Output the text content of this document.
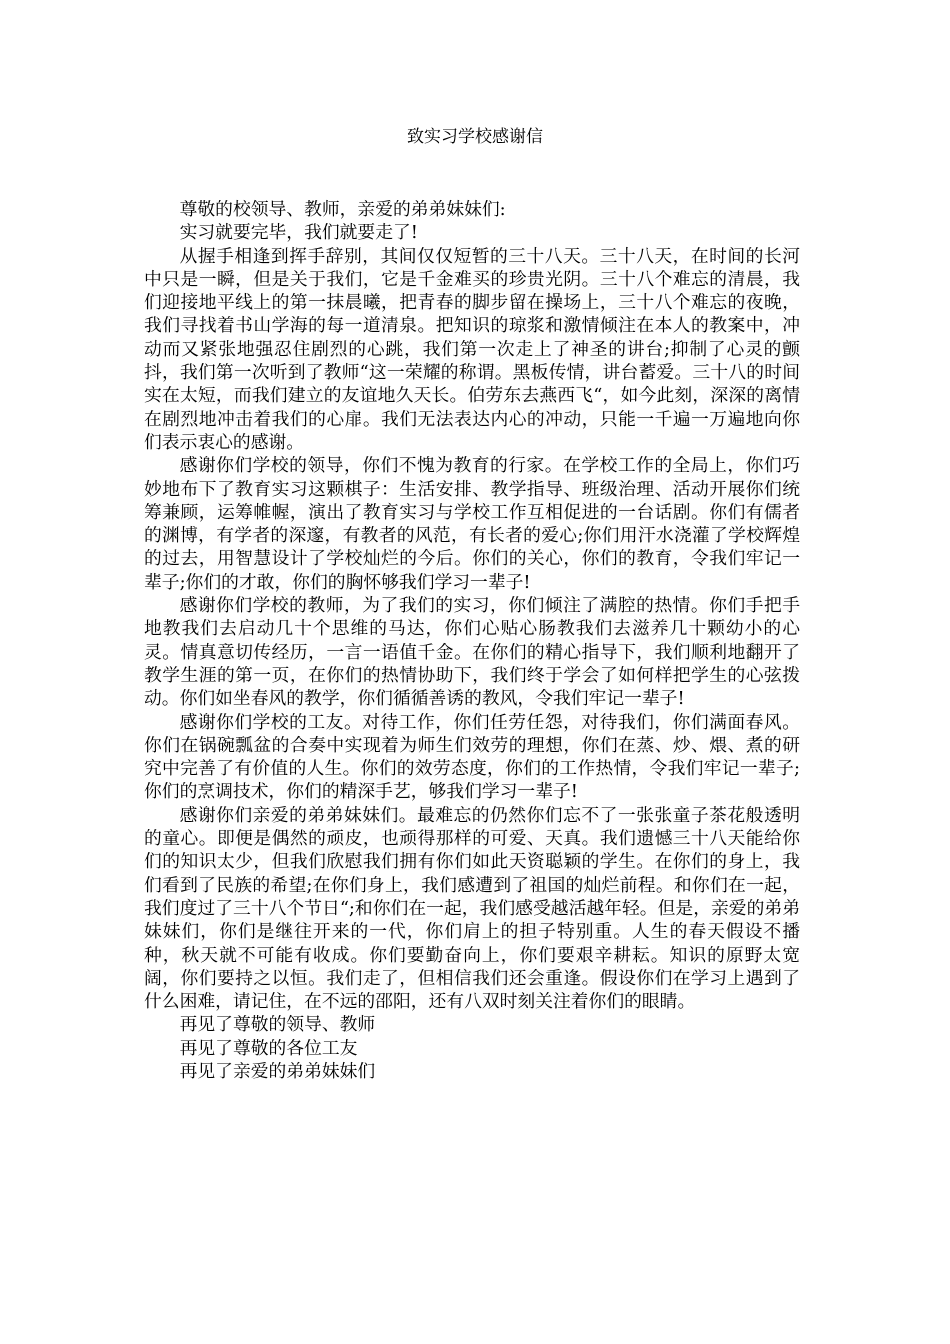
致实习学校感谢信

尊敬的校领导、教师，亲爱的弟弟妹妹们:

实习就要完毕，我们就要走了!

从握手相逢到挥手辞别，其间仅仅短暂的三十八天。三十八天，在时间的长河中只是一瞬，但是关于我们，它是千金难买的珍贵光阴。三十八个难忘的清晨，我们迎接地平线上的第一抹晨曦，把青春的脚步留在操场上，三十八个难忘的夜晚，我们寻找着书山学海的每一道清泉。把知识的琼浆和激情倾注在本人的教案中，冲动而又紧张地强忍住剧烈的心跳，我们第一次走上了神圣的讲台;抑制了心灵的颤抖，我们第一次听到了教师“这一荣耀的称谓。黑板传情，讲台蓄爱。三十八的时间实在太短，而我们建立的友谊地久天长。伯劳东去燕西飞“，如今此刻，深深的离情在剧烈地冲击着我们的心扉。我们无法表达内心的冲动，只能一千遍一万遍地向你们表示衷心的感谢。

感谢你们学校的领导，你们不愧为教育的行家。在学校工作的全局上，你们巧妙地布下了教育实习这颗棋子：生活安排、教学指导、班级治理、活动开展你们统筹兼顾，运筹帷幄，演出了教育实习与学校工作互相促进的一台话剧。你们有儒者的渊博，有学者的深邃，有教者的风范，有长者的爱心;你们用汗水浇灌了学校辉煌的过去，用智慧设计了学校灿烂的今后。你们的关心，你们的教育，令我们牢记一辈子;你们的才敢，你们的胸怀够我们学习一辈子!

感谢你们学校的教师，为了我们的实习，你们倾注了满腔的热情。你们手把手地教我们去启动几十个思维的马达，你们心贴心肠教我们去滋养几十颗幼小的心灵。情真意切传经历，一言一语值千金。在你们的精心指导下，我们顺利地翻开了教学生涯的第一页，在你们的热情协助下，我们终于学会了如何样把学生的心弦拨动。你们如坐春风的教学，你们循循善诱的教风，令我们牢记一辈子!

感谢你们学校的工友。对待工作，你们任劳任怨，对待我们，你们满面春风。你们在锅碗瓢盆的合奏中实现着为师生们效劳的理想，你们在蒸、炒、煨、煮的研究中完善了有价值的人生。你们的效劳态度，你们的工作热情，令我们牢记一辈子;你们的烹调技术，你们的精深手艺，够我们学习一辈子!

感谢你们亲爱的弟弟妹妹们。最难忘的仍然你们忘不了一张张童子茶花般透明的童心。即便是偶然的顽皮，也顽得那样的可爱、天真。我们遗憾三十八天能给你们的知识太少，但我们欣慰我们拥有你们如此天资聪颖的学生。在你们的身上，我们看到了民族的希望;在你们身上，我们感遭到了祖国的灿烂前程。和你们在一起，我们度过了三十八个节日“;和你们在一起，我们感受越活越年轻。但是，亲爱的弟弟妹妹们，你们是继往开来的一代，你们肩上的担子特别重。人生的春天假设不播种，秋天就不可能有收成。你们要勤奋向上，你们要艰辛耕耘。知识的原野太宽阔，你们要持之以恒。我们走了，但相信我们还会重逢。假设你们在学习上遇到了什么困难，请记住，在不远的邵阳，还有八双时刻关注着你们的眼睛。

再见了尊敬的领导、教师

再见了尊敬的各位工友

再见了亲爱的弟弟妹妹们
